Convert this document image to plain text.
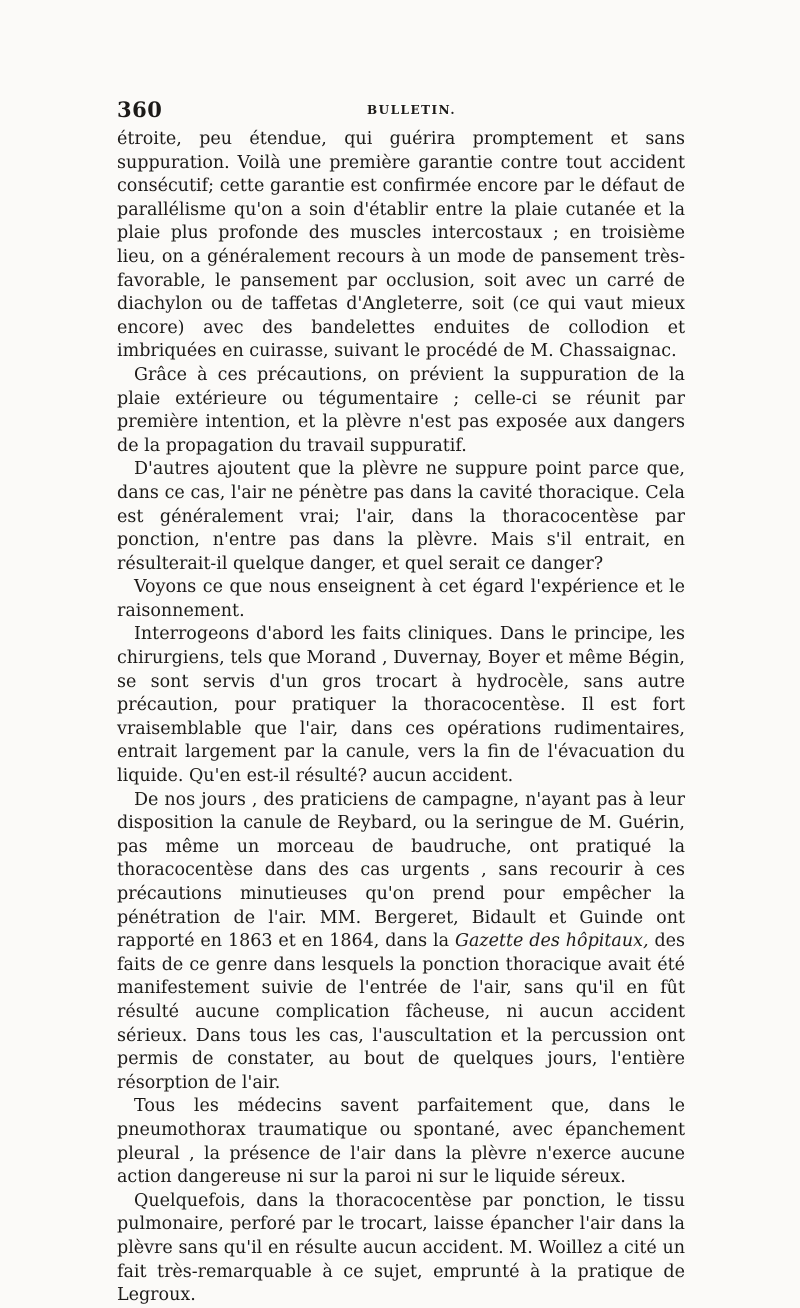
360	BULLETIN.

étroite, peu étendue, qui guérira promptement et sans suppuration. Voilà une première garantie contre tout accident consécutif; cette garantie est confirmée encore par le défaut de parallélisme qu'on a soin d'établir entre la plaie cutanée et la plaie plus profonde des muscles intercostaux ; en troisième lieu, on a généralement recours à un mode de pansement très-favorable, le pansement par occlusion, soit avec un carré de diachylon ou de taffetas d'Angleterre, soit (ce qui vaut mieux encore) avec des bandelettes enduites de collodion et imbriquées en cuirasse, suivant le procédé de M. Chassaignac.

Grâce à ces précautions, on prévient la suppuration de la plaie extérieure ou tégumentaire ; celle-ci se réunit par première intention, et la plèvre n'est pas exposée aux dangers de la propagation du travail suppuratif.

D'autres ajoutent que la plèvre ne suppure point parce que, dans ce cas, l'air ne pénètre pas dans la cavité thoracique. Cela est généralement vrai; l'air, dans la thoracocentèse par ponction, n'entre pas dans la plèvre. Mais s'il entrait, en résulterait-il quelque danger, et quel serait ce danger?

Voyons ce que nous enseignent à cet égard l'expérience et le raisonnement.

Interrogeons d'abord les faits cliniques. Dans le principe, les chirurgiens, tels que Morand , Duvernay, Boyer et même Bégin, se sont servis d'un gros trocart à hydrocèle, sans autre précaution, pour pratiquer la thoracocentèse. Il est fort vraisemblable que l'air, dans ces opérations rudimentaires, entrait largement par la canule, vers la fin de l'évacuation du liquide. Qu'en est-il résulté? aucun accident.

De nos jours , des praticiens de campagne, n'ayant pas à leur disposition la canule de Reybard, ou la seringue de M. Guérin, pas même un morceau de baudruche, ont pratiqué la thoracocentèse dans des cas urgents , sans recourir à ces précautions minutieuses qu'on prend pour empêcher la pénétration de l'air. MM. Bergeret, Bidault et Guinde ont rapporté en 1863 et en 1864, dans la Gazette des hôpitaux, des faits de ce genre dans lesquels la ponction thoracique avait été manifestement suivie de l'entrée de l'air, sans qu'il en fût résulté aucune complication fâcheuse, ni aucun accident sérieux. Dans tous les cas, l'auscultation et la percussion ont permis de constater, au bout de quelques jours, l'entière résorption de l'air.

Tous les médecins savent parfaitement que, dans le pneumothorax traumatique ou spontané, avec épanchement pleural , la présence de l'air dans la plèvre n'exerce aucune action dangereuse ni sur la paroi ni sur le liquide séreux.

Quelquefois, dans la thoracocentèse par ponction, le tissu pulmonaire, perforé par le trocart, laisse épancher l'air dans la plèvre sans qu'il en résulte aucun accident. M. Woillez a cité un fait très-remarquable à ce sujet, emprunté à la pratique de Legroux.
